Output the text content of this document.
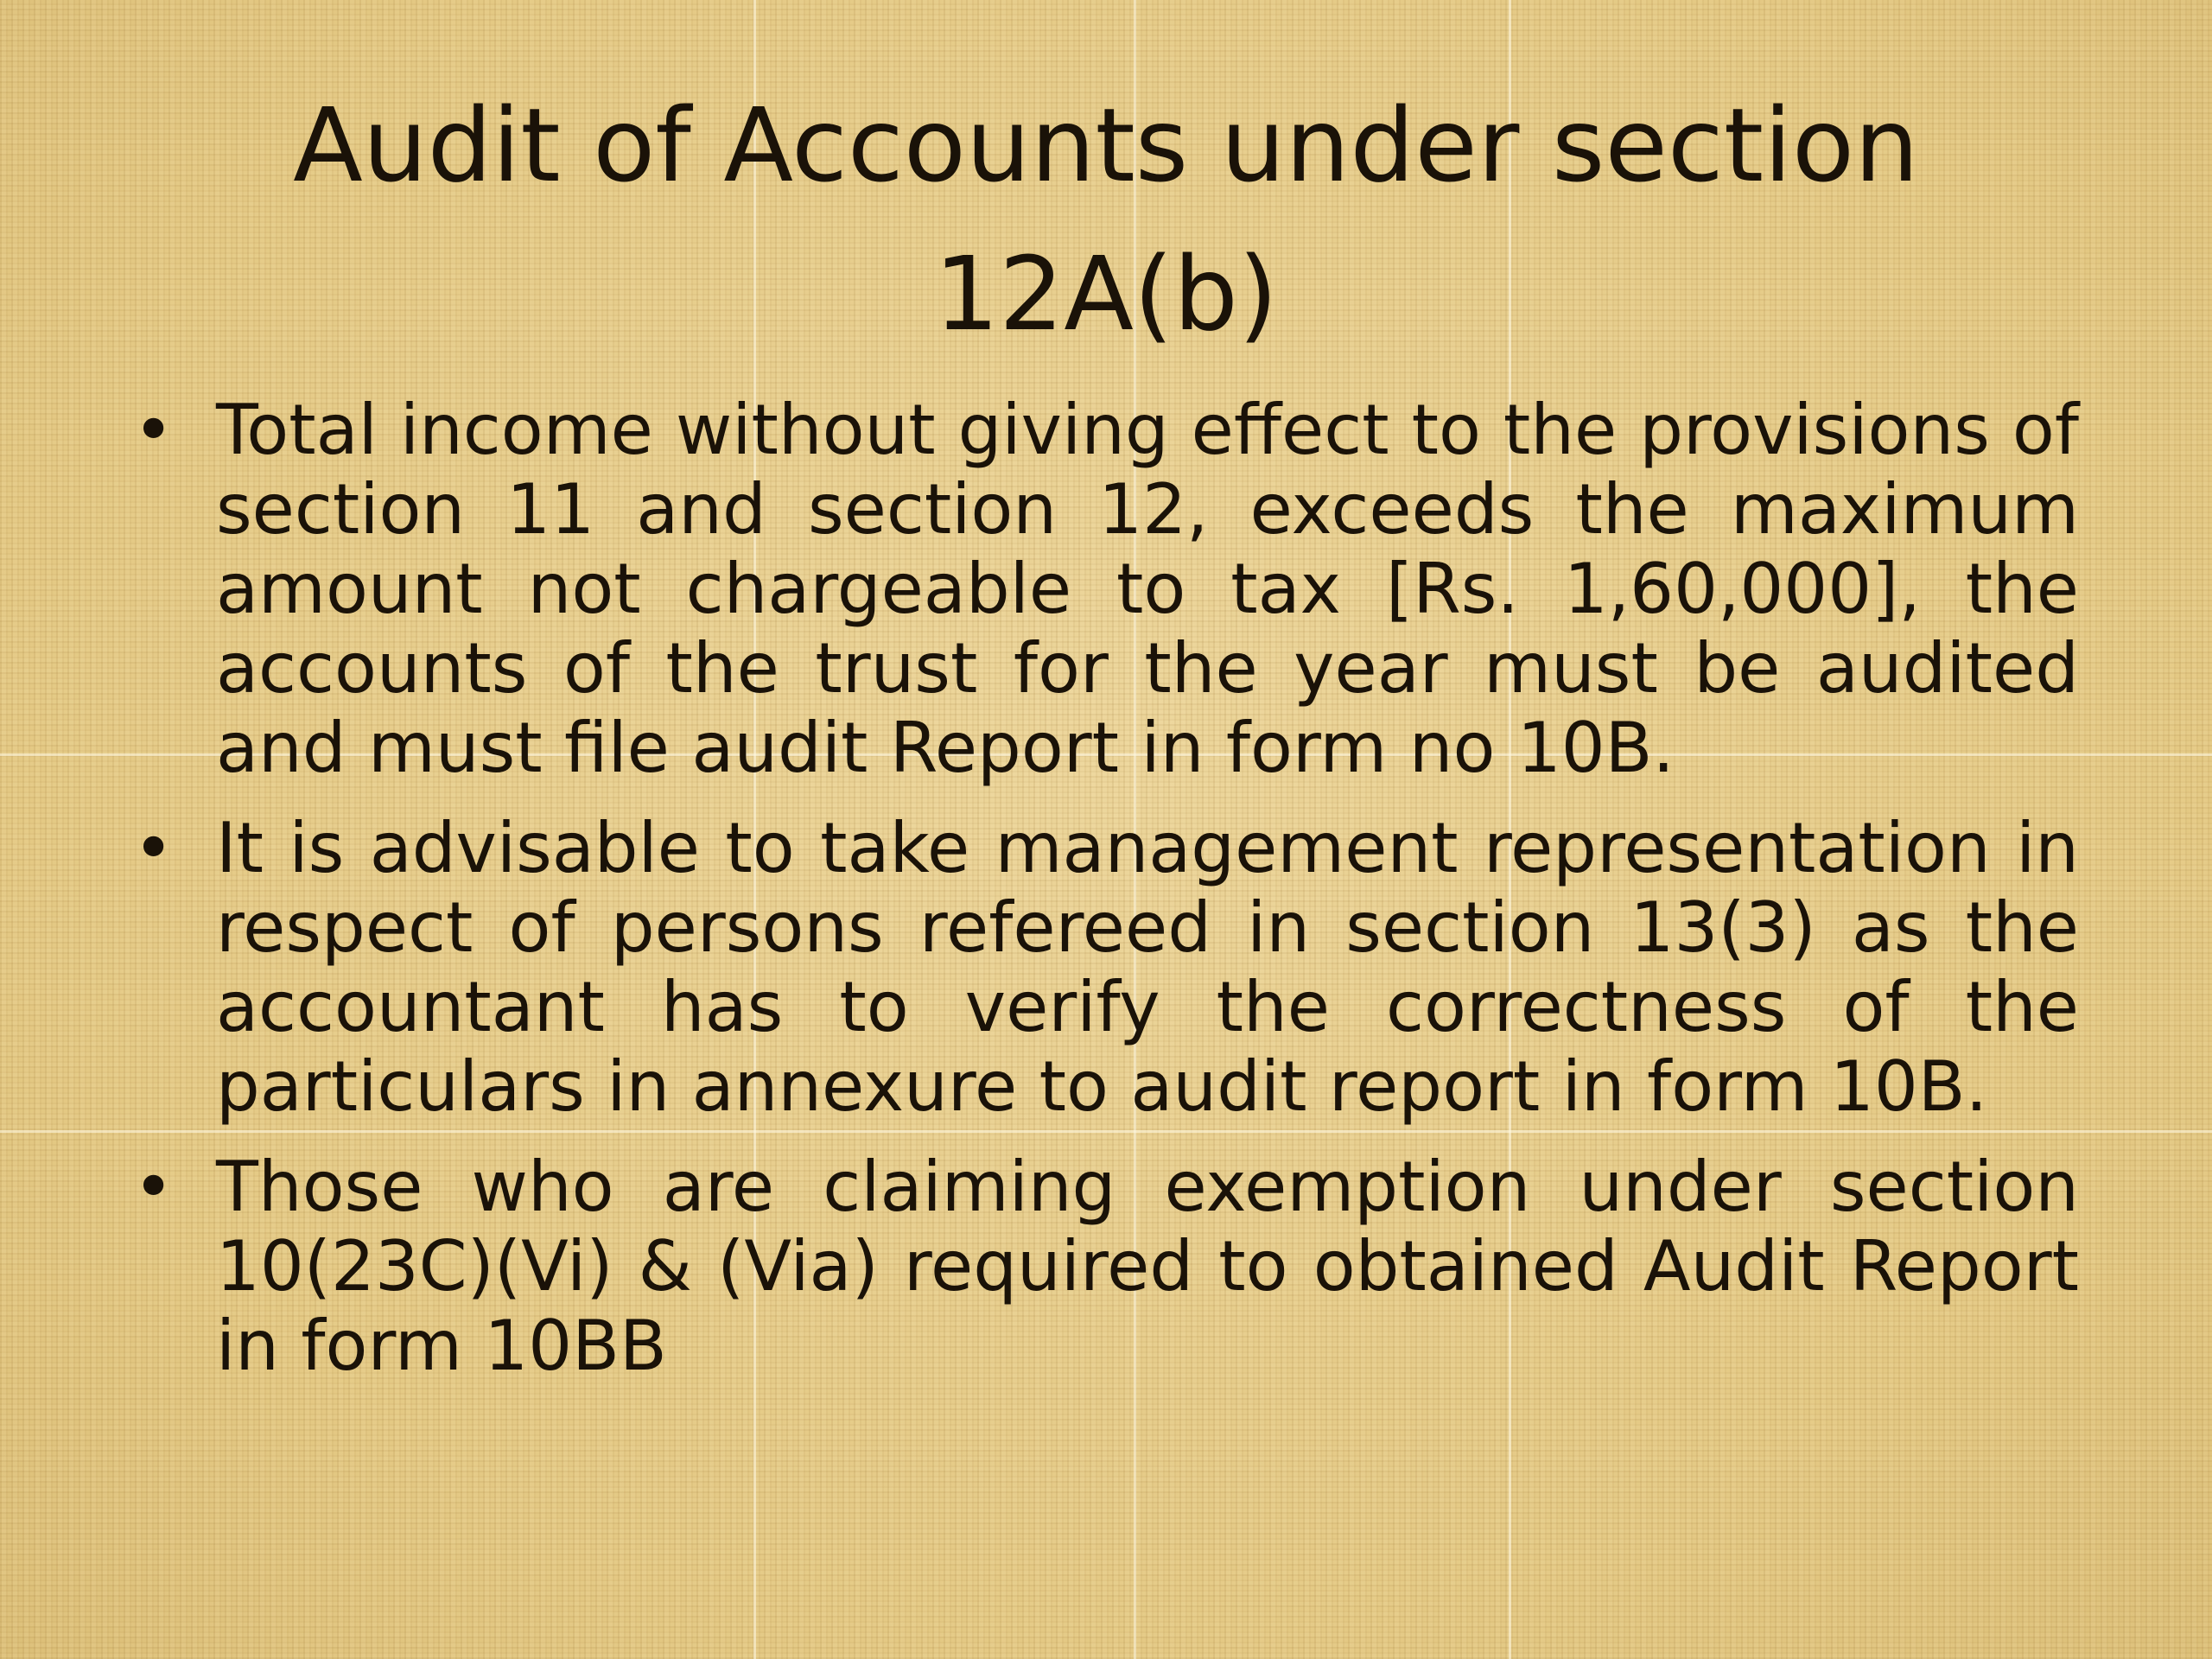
Audit of Accounts under section
12A(b)
• Total income without giving effect to the provisions of section 11 and section 12, exceeds the maximum amount not chargeable to tax [Rs. 1,60,000], the accounts of the trust for the year must be audited and must file audit Report in form no 10B.
• It is advisable to take management representation in respect of persons refereed in section 13(3) as the accountant has to verify the correctness of the particulars in annexure to audit report in form 10B.
• Those who are claiming exemption under section 10(23C)(Vi) & (Via) required to obtained Audit Report in form 10BB
